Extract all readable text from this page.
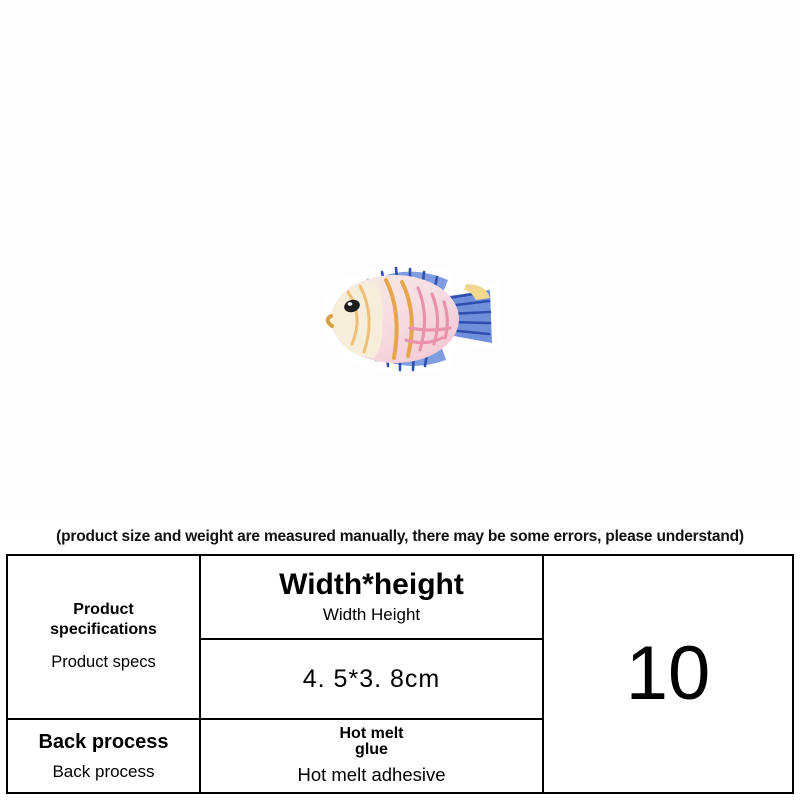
(product size and weight are measured manually, there may be some errors, please understand)
Product
specifications
Product specs
Back process
Back process
Width*height
Width Height
4. 5*3. 8cm
Hot melt
glue
Hot melt adhesive
10
